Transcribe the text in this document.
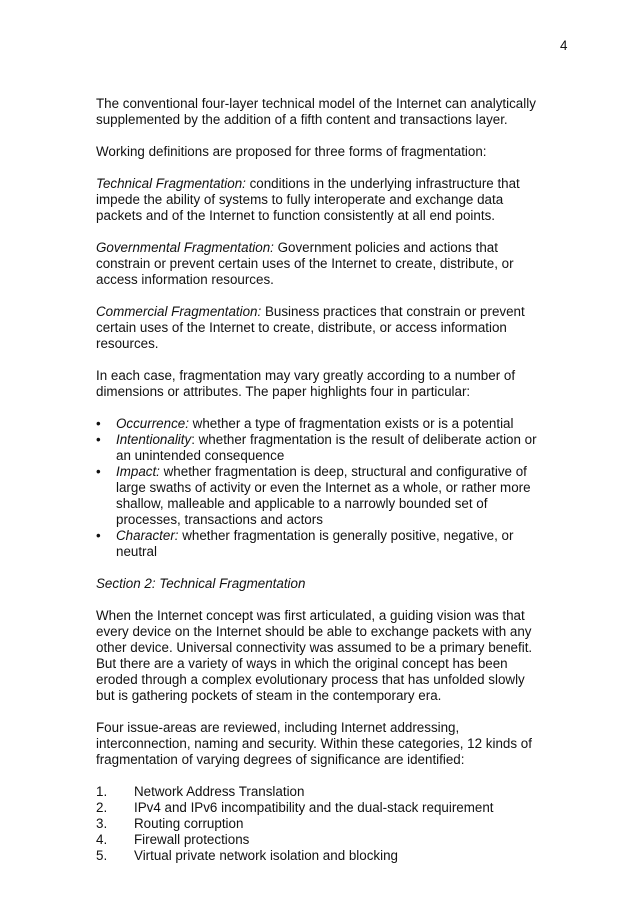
4

The conventional four-layer technical model of the Internet can analytically supplemented by the addition of a fifth content and transactions layer.

Working definitions are proposed for three forms of fragmentation:

Technical Fragmentation: conditions in the underlying infrastructure that impede the ability of systems to fully interoperate and exchange data packets and of the Internet to function consistently at all end points.

Governmental Fragmentation: Government policies and actions that constrain or prevent certain uses of the Internet to create, distribute, or access information resources.

Commercial Fragmentation: Business practices that constrain or prevent certain uses of the Internet to create, distribute, or access information resources.

In each case, fragmentation may vary greatly according to a number of dimensions or attributes. The paper highlights four in particular:

• Occurrence: whether a type of fragmentation exists or is a potential
• Intentionality: whether fragmentation is the result of deliberate action or an unintended consequence
• Impact: whether fragmentation is deep, structural and configurative of large swaths of activity or even the Internet as a whole, or rather more shallow, malleable and applicable to a narrowly bounded set of processes, transactions and actors
• Character: whether fragmentation is generally positive, negative, or neutral

Section 2: Technical Fragmentation

When the Internet concept was first articulated, a guiding vision was that every device on the Internet should be able to exchange packets with any other device. Universal connectivity was assumed to be a primary benefit. But there are a variety of ways in which the original concept has been eroded through a complex evolutionary process that has unfolded slowly but is gathering pockets of steam in the contemporary era.

Four issue-areas are reviewed, including Internet addressing, interconnection, naming and security. Within these categories, 12 kinds of fragmentation of varying degrees of significance are identified:

1.	Network Address Translation
2.	IPv4 and IPv6 incompatibility and the dual-stack requirement
3.	Routing corruption
4.	Firewall protections
5.	Virtual private network isolation and blocking
